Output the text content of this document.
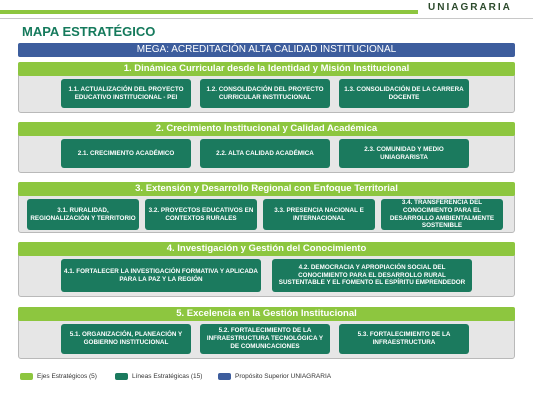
UNIAGRARIA
MAPA ESTRATÉGICO
MEGA: ACREDITACIÓN ALTA CALIDAD INSTITUCIONAL
1. Dinámica Curricular desde la Identidad y Misión Institucional
1.1. ACTUALIZACIÓN DEL PROYECTO EDUCATIVO INSTITUCIONAL - PEI
1.2. CONSOLIDACIÓN DEL PROYECTO CURRICULAR INSTITUCIONAL
1.3. CONSOLIDACIÓN DE LA CARRERA DOCENTE
2. Crecimiento Institucional y Calidad Académica
2.1. CRECIMIENTO ACADÉMICO	2.2. ALTA CALIDAD ACADÉMICA
2.3. COMUNIDAD Y MEDIO UNIAGRARISTA
3. Extensión y Desarrollo Regional con Enfoque Territorial
3.1. RURALIDAD, REGIONALIZACIÓN Y TERRITORIO
3.2. PROYECTOS EDUCATIVOS EN CONTEXTOS RURALES
3.3. PRESENCIA NACIONAL E INTERNACIONAL
3.4. TRANSFERENCIA DEL CONOCIMIENTO PARA EL DESARROLLO AMBIENTALMENTE SOSTENIBLE
4. Investigación y Gestión del Conocimiento
4.1. FORTALECER LA INVESTIGACIÓN FORMATIVA Y APLICADA PARA LA PAZ Y LA REGIÓN
4.2. DEMOCRACIA Y APROPIACIÓN SOCIAL DEL CONOCIMIENTO PARA EL DESARROLLO RURAL SUSTENTABLE Y EL FOMENTO EL ESPÍRITU EMPRENDEDOR
5. Excelencia en la Gestión Institucional
5.1. ORGANIZACIÓN, PLANEACIÓN Y GOBIERNO INSTITUCIONAL
5.2. FORTALECIMIENTO DE LA INFRAESTRUCTURA TECNOLÓGICA Y DE COMUNICACIONES
5.3. FORTALECIMIENTO DE LA INFRAESTRUCTURA
Ejes Estratégicos (5)	Líneas Estratégicas (15)	Propósito Superior UNIAGRARIA
